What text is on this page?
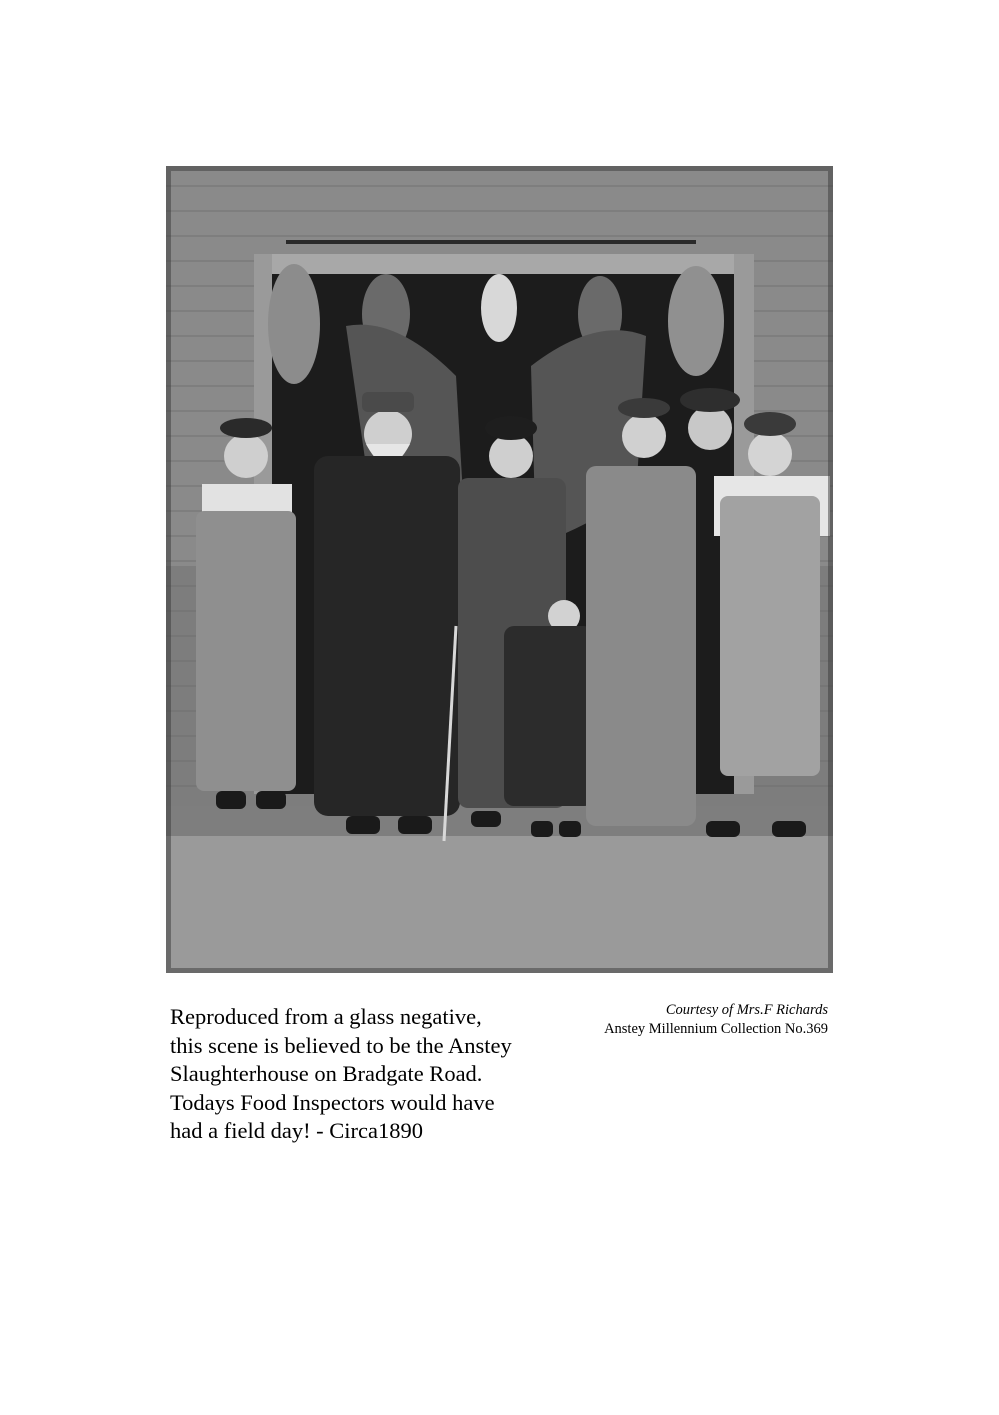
Reproduced from a glass negative,
this scene is believed to be the Anstey
Slaughterhouse on Bradgate Road.
Todays Food Inspectors would have
had a field day! - Circa1890

Courtesy of Mrs.F Richards
Anstey Millennium Collection No.369
